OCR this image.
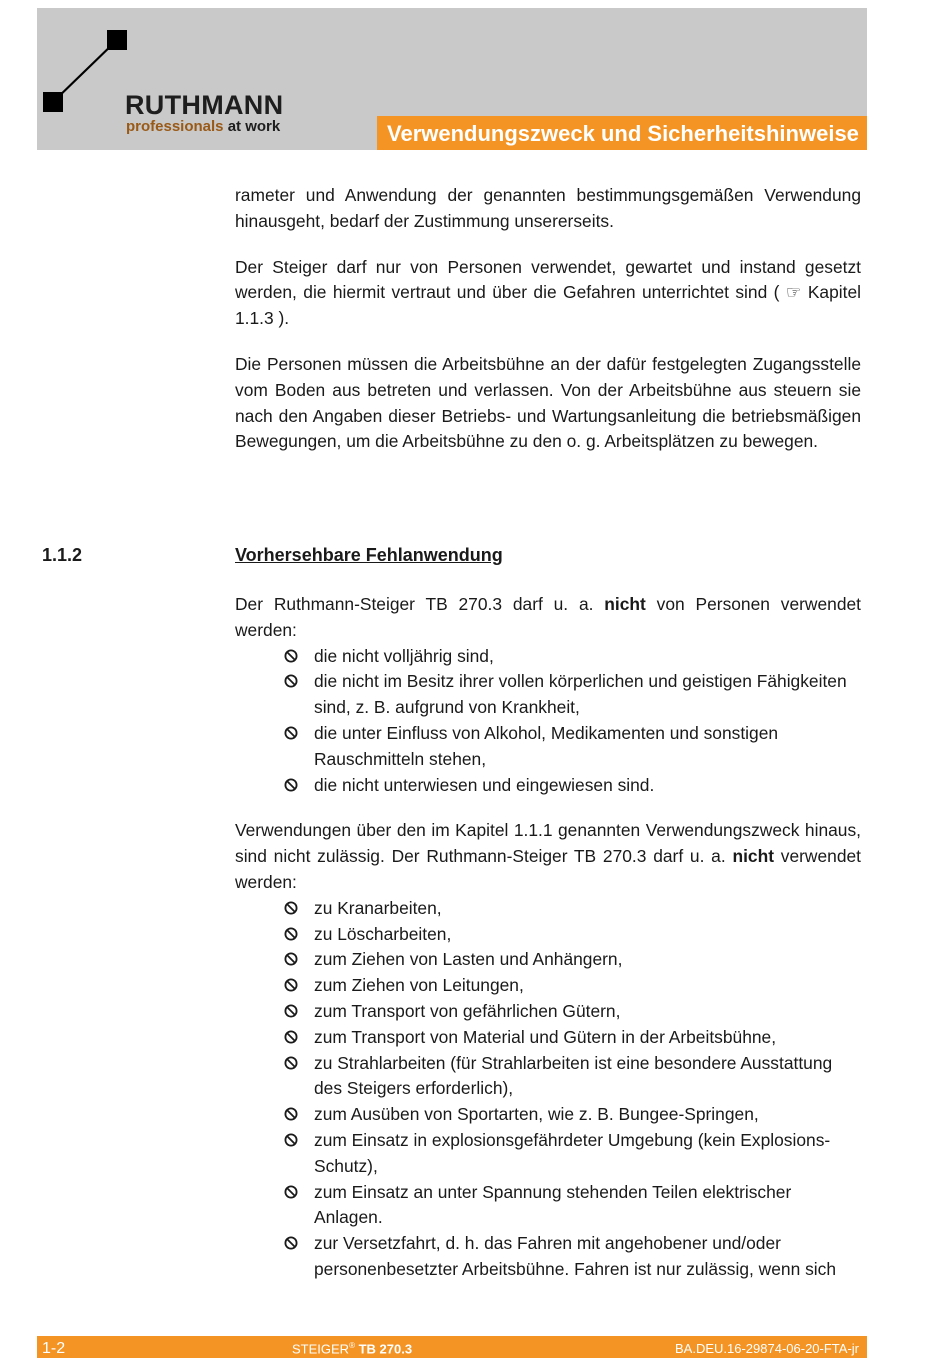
RUTHMANN
professionals at work	Verwendungszweck und Sicherheitshinweise

rameter und Anwendung der genannten bestimmungsgemäßen Verwendung hinausgeht, bedarf der Zustimmung unsererseits.

Der Steiger darf nur von Personen verwendet, gewartet und instand gesetzt werden, die hiermit vertraut und über die Gefahren unterrichtet sind ( ☞ Kapitel 1.1.3 ).

Die Personen müssen die Arbeitsbühne an der dafür festgelegten Zugangsstelle vom Boden aus betreten und verlassen. Von der Arbeitsbühne aus steuern sie nach den Angaben dieser Betriebs- und Wartungsanleitung die betriebsmäßigen Bewegungen, um die Arbeitsbühne zu den o. g. Arbeitsplätzen zu bewegen.

1.1.2	Vorhersehbare Fehlanwendung

Der Ruthmann-Steiger TB 270.3 darf u. a. nicht von Personen verwendet werden:

die nicht volljährig sind,
die nicht im Besitz ihrer vollen körperlichen und geistigen Fähigkeiten sind, z. B. aufgrund von Krankheit,
die unter Einfluss von Alkohol, Medikamenten und sonstigen Rauschmitteln stehen,
die nicht unterwiesen und eingewiesen sind.

Verwendungen über den im Kapitel 1.1.1 genannten Verwendungszweck hinaus, sind nicht zulässig. Der Ruthmann-Steiger TB 270.3 darf u. a. nicht verwendet werden:

zu Kranarbeiten,
zu Löscharbeiten,
zum Ziehen von Lasten und Anhängern,
zum Ziehen von Leitungen,
zum Transport von gefährlichen Gütern,
zum Transport von Material und Gütern in der Arbeitsbühne,
zu Strahlarbeiten (für Strahlarbeiten ist eine besondere Ausstattung des Steigers erforderlich),
zum Ausüben von Sportarten, wie z. B. Bungee-Springen,
zum Einsatz in explosionsgefährdeter Umgebung (kein Explosions-Schutz),
zum Einsatz an unter Spannung stehenden Teilen elektrischer Anlagen.
zur Versetzfahrt, d. h. das Fahren mit angehobener und/oder personenbesetzter Arbeitsbühne. Fahren ist nur zulässig, wenn sich
1-2	STEIGER® TB 270.3	BA.DEU.16-29874-06-20-FTA-jr
